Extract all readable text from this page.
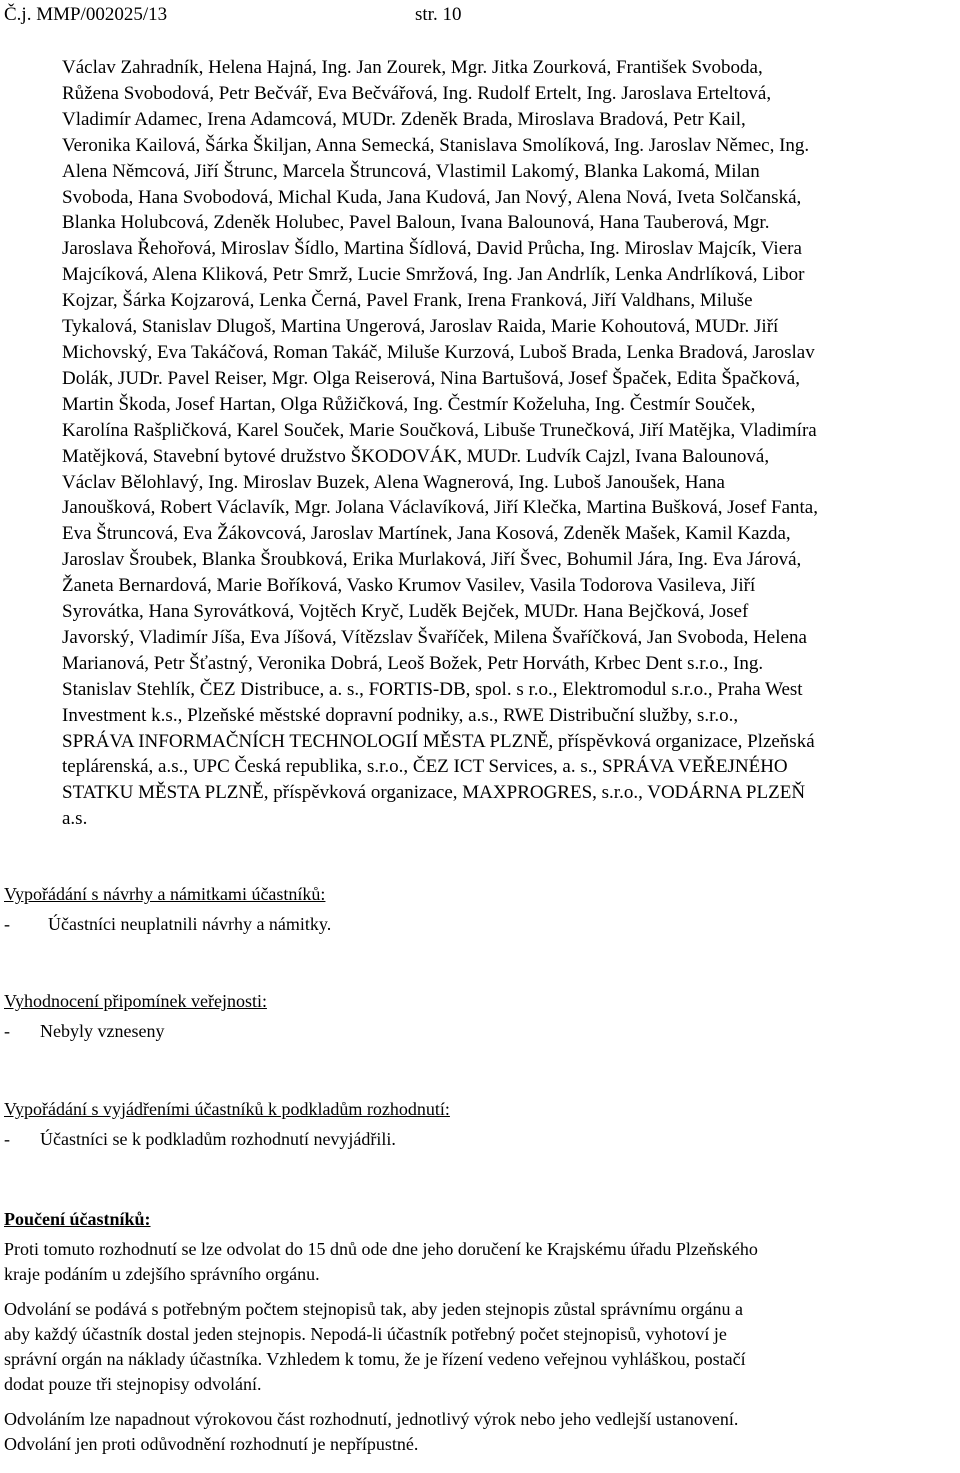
Č.j. MMP/002025/13	str. 10
Václav Zahradník, Helena Hajná, Ing. Jan Zourek, Mgr. Jitka Zourková, František Svoboda,
Růžena Svobodová, Petr Bečvář, Eva Bečvářová, Ing. Rudolf Ertelt, Ing. Jaroslava Erteltová,
Vladimír Adamec, Irena Adamcová, MUDr. Zdeněk Brada, Miroslava Bradová, Petr Kail,
Veronika Kailová, Šárka Škiljan, Anna Semecká, Stanislava Smolíková, Ing. Jaroslav Němec, Ing.
Alena Němcová, Jiří Štrunc, Marcela Štruncová, Vlastimil Lakomý, Blanka Lakomá, Milan
Svoboda, Hana Svobodová, Michal Kuda, Jana Kudová, Jan Nový, Alena Nová, Iveta Solčanská,
Blanka Holubcová, Zdeněk Holubec, Pavel Baloun, Ivana Balounová, Hana Tauberová, Mgr.
Jaroslava Řehořová, Miroslav Šídlo, Martina Šídlová, David Průcha, Ing. Miroslav Majcík, Viera
Majcíková, Alena Kliková, Petr Smrž, Lucie Smržová, Ing. Jan Andrlík, Lenka Andrlíková, Libor
Kojzar, Šárka Kojzarová, Lenka Černá, Pavel Frank, Irena Franková, Jiří Valdhans, Miluše
Tykalová, Stanislav Dlugoš, Martina Ungerová, Jaroslav Raida, Marie Kohoutová, MUDr. Jiří
Michovský, Eva Takáčová, Roman Takáč, Miluše Kurzová, Luboš Brada, Lenka Bradová, Jaroslav
Dolák, JUDr. Pavel Reiser, Mgr. Olga Reiserová, Nina Bartušová, Josef Špaček, Edita Špačková,
Martin Škoda, Josef Hartan, Olga Růžičková, Ing. Čestmír Koželuha, Ing. Čestmír Souček,
Karolína Rašpličková, Karel Souček, Marie Součková, Libuše Trunečková, Jiří Matějka, Vladimíra
Matějková, Stavební bytové družstvo ŠKODOVÁK, MUDr. Ludvík Cajzl, Ivana Balounová,
Václav Bělohlavý, Ing. Miroslav Buzek, Alena Wagnerová, Ing. Luboš Janoušek, Hana
Janoušková, Robert Václavík, Mgr. Jolana Václavíková, Jiří Klečka, Martina Bušková, Josef Fanta,
Eva Štruncová, Eva Žákovcová, Jaroslav Martínek, Jana Kosová, Zdeněk Mašek, Kamil Kazda,
Jaroslav Šroubek, Blanka Šroubková, Erika Murlaková, Jiří Švec, Bohumil Jára, Ing. Eva Járová,
Žaneta Bernardová, Marie Boříková, Vasko Krumov Vasilev, Vasila Todorova Vasileva, Jiří
Syrovátka, Hana Syrovátková, Vojtěch Kryč, Luděk Bejček, MUDr. Hana Bejčková, Josef
Javorský, Vladimír Jíša, Eva Jíšová, Vítězslav Švaříček, Milena Švaříčková, Jan Svoboda, Helena
Marianová, Petr Šťastný, Veronika Dobrá, Leoš Božek, Petr Horváth, Krbec Dent s.r.o., Ing.
Stanislav Stehlík, ČEZ Distribuce, a. s., FORTIS-DB, spol. s r.o., Elektromodul s.r.o., Praha West
Investment k.s., Plzeňské městské dopravní podniky, a.s., RWE Distribuční služby, s.r.o.,
SPRÁVA INFORMAČNÍCH TECHNOLOGIÍ MĚSTA PLZNĚ, příspěvková organizace, Plzeňská
teplárenská, a.s., UPC Česká republika, s.r.o., ČEZ ICT Services, a. s., SPRÁVA VEŘEJNÉHO
STATKU MĚSTA PLZNĚ, příspěvková organizace, MAXPROGRES, s.r.o., VODÁRNA PLZEŇ
a.s.
Vypořádání s návrhy a námitkami účastníků:
- Účastníci neuplatnili návrhy a námitky.
Vyhodnocení připomínek veřejnosti:
- Nebyly vzneseny
Vypořádání s vyjádřeními účastníků k podkladům rozhodnutí:
- Účastníci se k podkladům rozhodnutí nevyjádřili.
Poučení účastníků:
Proti tomuto rozhodnutí se lze odvolat do 15 dnů ode dne jeho doručení ke Krajskému úřadu Plzeňského
kraje podáním u zdejšího správního orgánu.
Odvolání se podává s potřebným počtem stejnopisů tak, aby jeden stejnopis zůstal správnímu orgánu a
aby každý účastník dostal jeden stejnopis. Nepodá-li účastník potřebný počet stejnopisů, vyhotoví je
správní orgán na náklady účastníka. Vzhledem k tomu, že je řízení vedeno veřejnou vyhláškou, postačí
dodat pouze tři stejnopisy odvolání.
Odvoláním lze napadnout výrokovou část rozhodnutí, jednotlivý výrok nebo jeho vedlejší ustanovení.
Odvolání jen proti odůvodnění rozhodnutí je nepřípustné.
